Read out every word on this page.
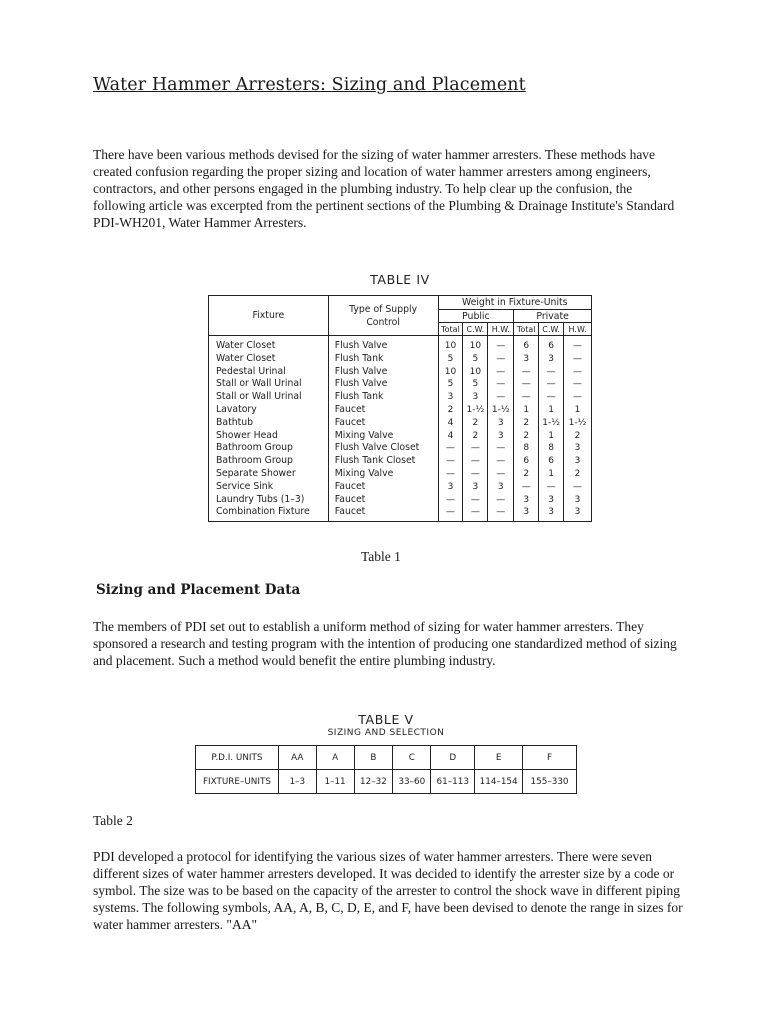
Water Hammer Arresters: Sizing and Placement

There have been various methods devised for the sizing of water hammer arresters. These methods have created confusion regarding the proper sizing and location of water hammer arresters among engineers, contractors, and other persons engaged in the plumbing industry. To help clear up the confusion, the following article was excerpted from the pertinent sections of the Plumbing & Drainage Institute's Standard PDI-WH201, Water Hammer Arresters.

TABLE IV
Fixture	Type of Supply Control	Weight in Fixture-Units					
		Public			Private		
		Total	C.W.	H.W.	Total	C.W.	H.W.
Water Closet	Flush Valve	10	10	—	6	6	—
Water Closet	Flush Tank	5	5	—	3	3	—
Pedestal Urinal	Flush Valve	10	10	—	—	—	—
Stall or Wall Urinal	Flush Valve	5	5	—	—	—	—
Stall or Wall Urinal	Flush Tank	3	3	—	—	—	—
Lavatory	Faucet	2	1-½	1-½	1	1	1
Bathtub	Faucet	4	2	3	2	1-½	1-½
Shower Head	Mixing Valve	4	2	3	2	1	2
Bathroom Group	Flush Valve Closet	—	—	—	8	8	3
Bathroom Group	Flush Tank Closet	—	—	—	6	6	3
Separate Shower	Mixing Valve	—	—	—	2	1	2
Service Sink	Faucet	3	3	3	—	—	—
Laundry Tubs (1–3)	Faucet	—	—	—	3	3	3
Combination Fixture	Faucet	—	—	—	3	3	3

Table 1

Sizing and Placement Data

The members of PDI set out to establish a uniform method of sizing for water hammer arresters. They sponsored a research and testing program with the intention of producing one standardized method of sizing and placement. Such a method would benefit the entire plumbing industry.

TABLE V
SIZING AND SELECTION
P.D.I. UNITS	AA	A	B	C	D	E	F
FIXTURE–UNITS	1–3	1–11	12–32	33–60	61–113	114–154	155–330

Table 2

PDI developed a protocol for identifying the various sizes of water hammer arresters. There were seven different sizes of water hammer arresters developed. It was decided to identify the arrester size by a code or symbol. The size was to be based on the capacity of the arrester to control the shock wave in different piping systems. The following symbols, AA, A, B, C, D, E, and F, have been devised to denote the range in sizes for water hammer arresters. "AA"
